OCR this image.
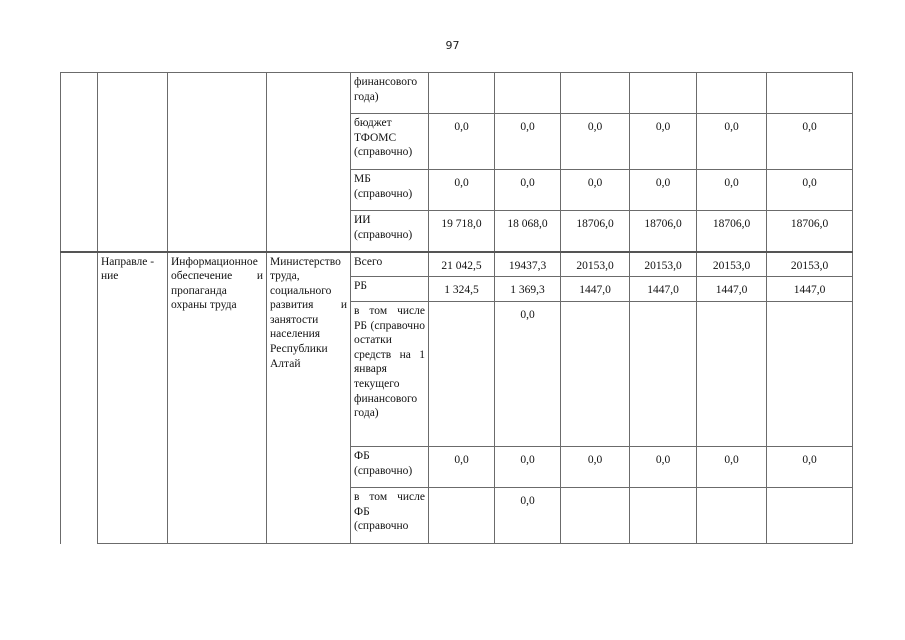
97
				финансового года)						
				бюджет ТФОМС (справочно)	0,0	0,0	0,0	0,0	0,0	0,0
				МБ (справочно)	0,0	0,0	0,0	0,0	0,0	0,0
				ИИ (справочно)	19 718,0	18 068,0	18706,0	18706,0	18706,0	18706,0
	Направле - ние	Информационное обеспечение и пропаганда охраны труда	Министерство труда, социального развития и занятости населения Республики Алтай	Всего	21 042,5	19437,3	20153,0	20153,0	20153,0	20153,0
				РБ	1 324,5	1 369,3	1447,0	1447,0	1447,0	1447,0
				в том числе РБ (справочно остатки средств на 1 января текущего финансового года)		0,0				
				ФБ (справочно)	0,0	0,0	0,0	0,0	0,0	0,0
				в том числе ФБ (справочно		0,0				
